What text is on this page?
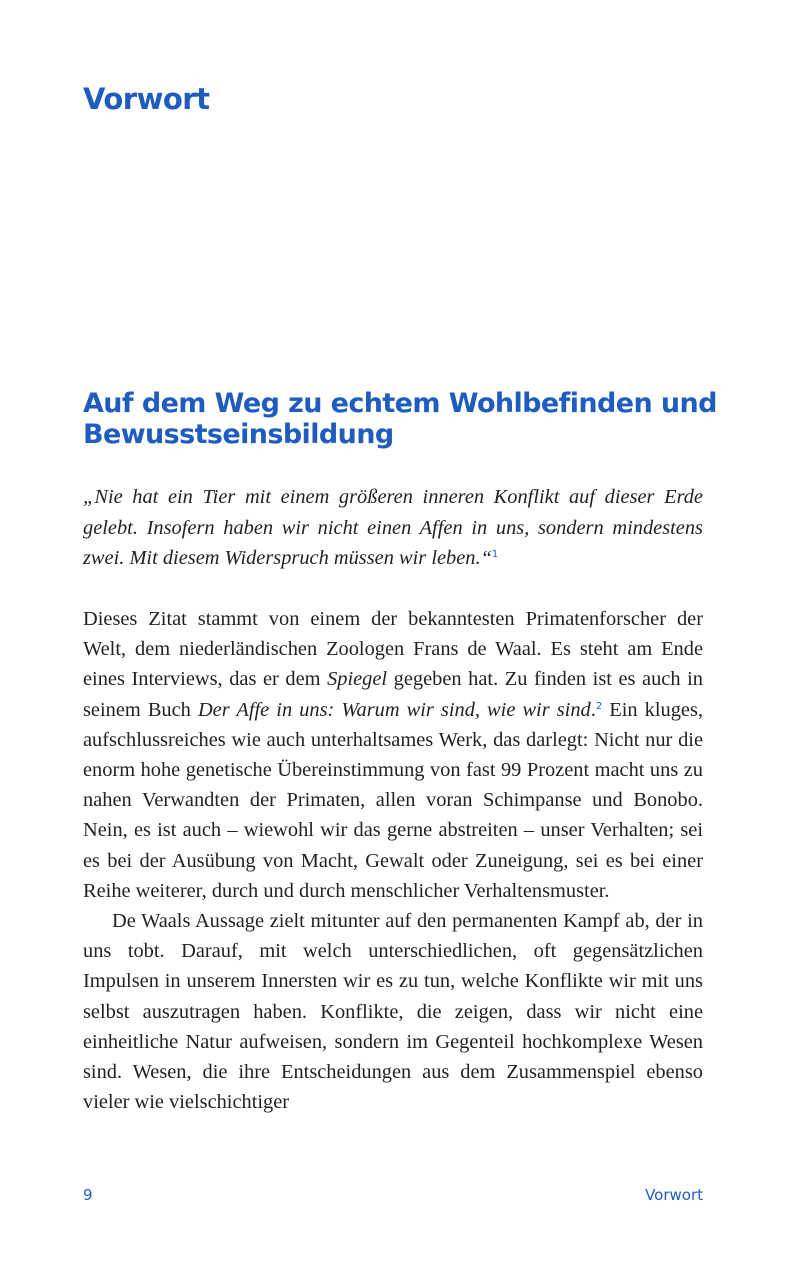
Vorwort
Auf dem Weg zu echtem Wohlbefinden und Bewusstseinsbildung

„Nie hat ein Tier mit einem größeren inneren Konflikt auf dieser Erde gelebt. Insofern haben wir nicht einen Affen in uns, sondern mindestens zwei. Mit diesem Widerspruch müssen wir leben.“$^1$

Dieses Zitat stammt von einem der bekanntesten Primatenforscher der Welt, dem niederländischen Zoologen Frans de Waal. Es steht am Ende eines Interviews, das er dem Spiegel gegeben hat. Zu finden ist es auch in seinem Buch Der Affe in uns: Warum wir sind, wie wir sind.$^2$ Ein kluges, aufschlussreiches wie auch unterhaltsames Werk, das darlegt: Nicht nur die enorm hohe genetische Übereinstimmung von fast 99 Prozent macht uns zu nahen Verwandten der Primaten, allen voran Schimpanse und Bonobo. Nein, es ist auch – wiewohl wir das gerne abstreiten – unser Verhalten; sei es bei der Ausübung von Macht, Gewalt oder Zuneigung, sei es bei einer Reihe weiterer, durch und durch menschlicher Verhaltensmuster.

De Waals Aussage zielt mitunter auf den permanenten Kampf ab, der in uns tobt. Darauf, mit welch unterschiedlichen, oft gegensätzlichen Impulsen in unserem Innersten wir es zu tun, welche Konflikte wir mit uns selbst auszutragen haben. Konflikte, die zeigen, dass wir nicht eine einheitliche Natur aufweisen, sondern im Gegenteil hochkomplexe Wesen sind. Wesen, die ihre Entscheidungen aus dem Zusammenspiel ebenso vieler wie vielschichtiger

9	Vorwort
